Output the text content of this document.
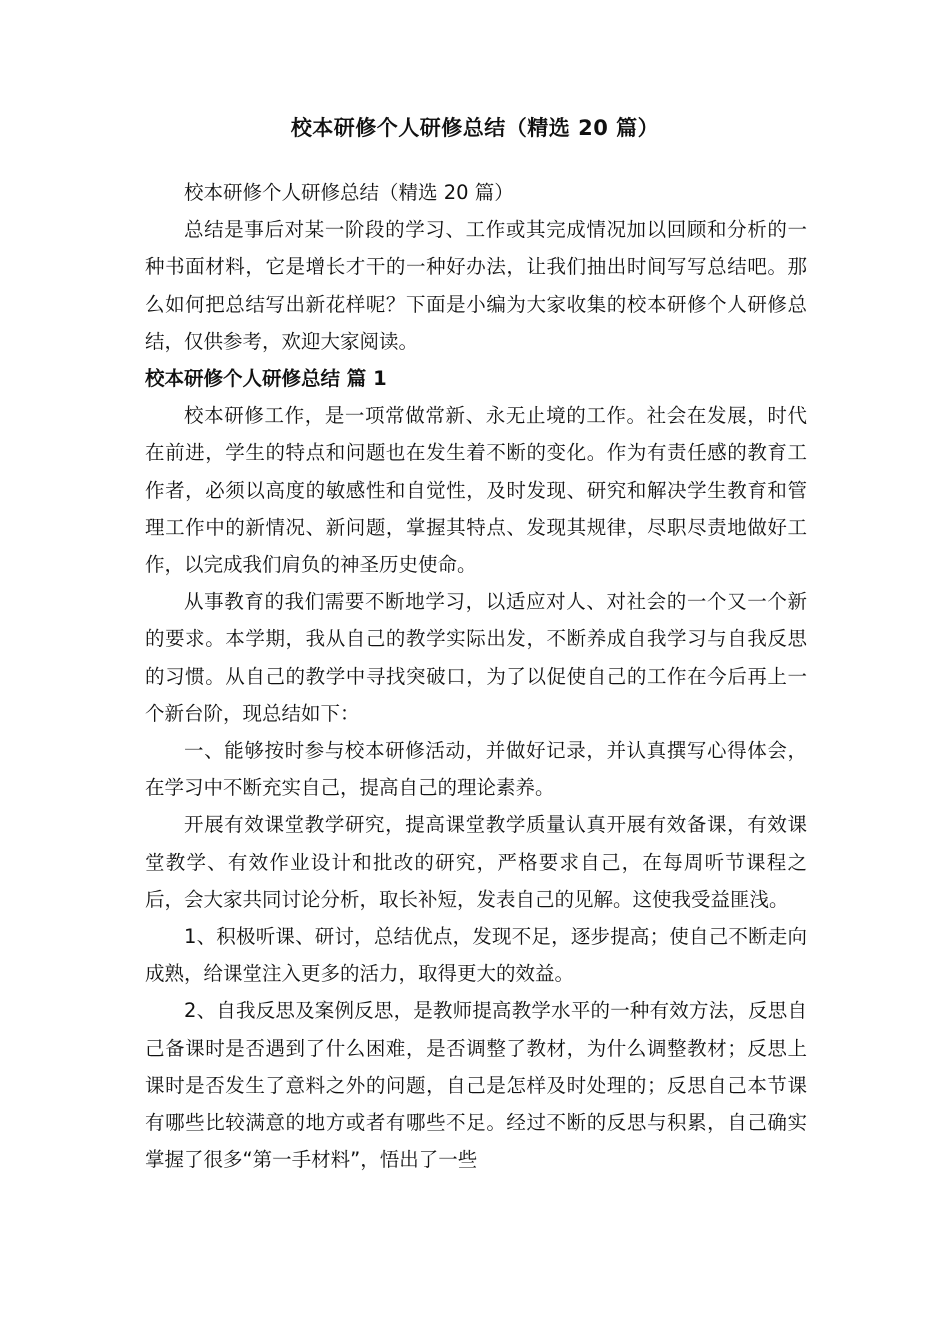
校本研修个人研修总结（精选 20 篇）

校本研修个人研修总结（精选 20 篇）

总结是事后对某一阶段的学习、工作或其完成情况加以回顾和分析的一种书面材料，它是增长才干的一种好办法，让我们抽出时间写写总结吧。那么如何把总结写出新花样呢？下面是小编为大家收集的校本研修个人研修总结，仅供参考，欢迎大家阅读。

校本研修个人研修总结 篇 1

校本研修工作，是一项常做常新、永无止境的工作。社会在发展，时代在前进，学生的特点和问题也在发生着不断的变化。作为有责任感的教育工作者，必须以高度的敏感性和自觉性，及时发现、研究和解决学生教育和管理工作中的新情况、新问题，掌握其特点、发现其规律，尽职尽责地做好工作，以完成我们肩负的神圣历史使命。

从事教育的我们需要不断地学习，以适应对人、对社会的一个又一个新的要求。本学期，我从自己的教学实际出发，不断养成自我学习与自我反思的习惯。从自己的教学中寻找突破口，为了以促使自己的工作在今后再上一个新台阶，现总结如下：

一、能够按时参与校本研修活动，并做好记录，并认真撰写心得体会，在学习中不断充实自己，提高自己的理论素养。

开展有效课堂教学研究，提高课堂教学质量认真开展有效备课，有效课堂教学、有效作业设计和批改的研究，严格要求自己，在每周听节课程之后，会大家共同讨论分析，取长补短，发表自己的见解。这使我受益匪浅。

1、积极听课、研讨，总结优点，发现不足，逐步提高；使自己不断走向成熟，给课堂注入更多的活力，取得更大的效益。

2、自我反思及案例反思，是教师提高教学水平的一种有效方法，反思自己备课时是否遇到了什么困难，是否调整了教材，为什么调整教材；反思上课时是否发生了意料之外的问题，自己是怎样及时处理的；反思自己本节课有哪些比较满意的地方或者有哪些不足。经过不断的反思与积累，自己确实掌握了很多“第一手材料”，悟出了一些
